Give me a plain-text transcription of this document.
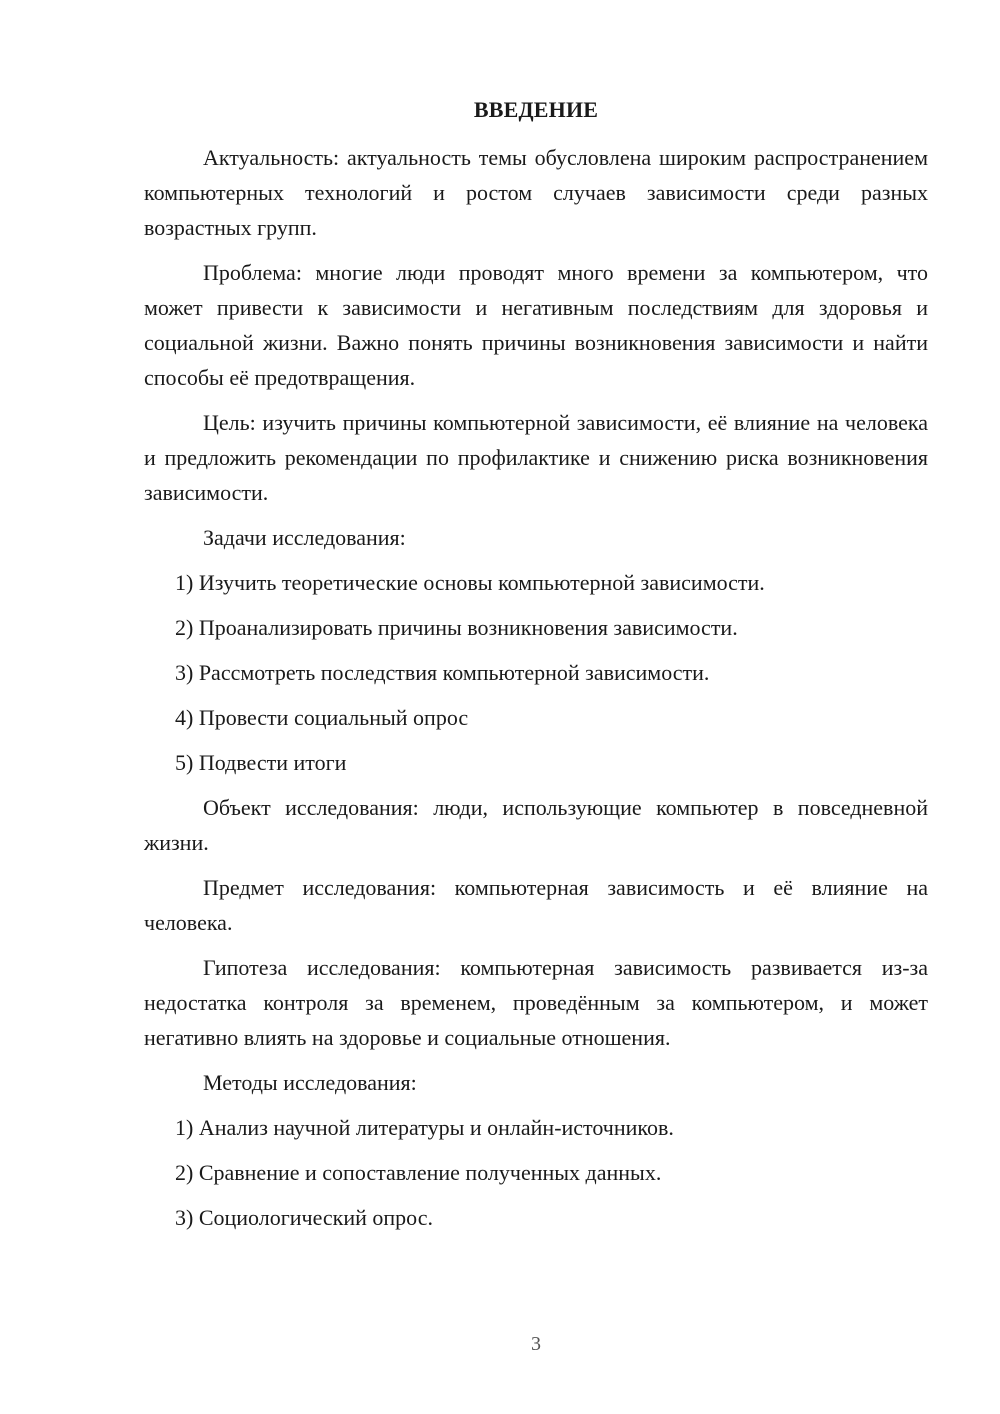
ВВЕДЕНИЕ

Актуальность: актуальность темы обусловлена широким распространением компьютерных технологий и ростом случаев зависимости среди разных возрастных групп.

Проблема: многие люди проводят много времени за компьютером, что может привести к зависимости и негативным последствиям для здоровья и социальной жизни. Важно понять причины возникновения зависимости и найти способы её предотвращения.

Цель: изучить причины компьютерной зависимости, её влияние на человека и предложить рекомендации по профилактике и снижению риска возникновения зависимости.

Задачи исследования:

1) Изучить теоретические основы компьютерной зависимости.
2) Проанализировать причины возникновения зависимости.
3) Рассмотреть последствия компьютерной зависимости.
4) Провести социальный опрос
5) Подвести итоги

Объект исследования: люди, использующие компьютер в повседневной жизни.

Предмет исследования: компьютерная зависимость и её влияние на человека.

Гипотеза исследования: компьютерная зависимость развивается из-за недостатка контроля за временем, проведённым за компьютером, и может негативно влиять на здоровье и социальные отношения.

Методы исследования:

1) Анализ научной литературы и онлайн-источников.
2) Сравнение и сопоставление полученных данных.
3) Социологический опрос.
3
